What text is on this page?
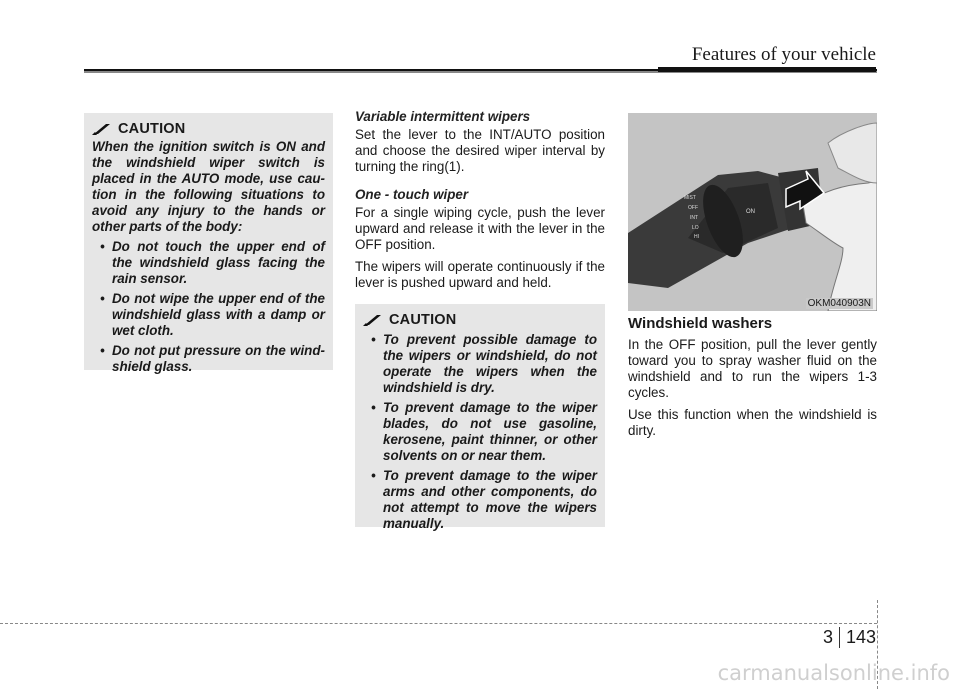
Features of your vehicle
CAUTION
When the ignition switch is ON and the windshield wiper switch is placed in the AUTO mode, use cau- tion in the following situations to avoid any injury to the hands or other parts of the body:
• Do not touch the upper end of the windshield glass facing the rain sensor.
• Do not wipe the upper end of the windshield glass with a damp or wet cloth.
• Do not put pressure on the wind- shield glass.

Variable intermittent wipers

Set the lever to the INT/AUTO position and choose the desired wiper interval by turning the ring(1).

One - touch wiper

For a single wiping cycle, push the lever upward and release it with the lever in the OFF position.

The wipers will operate continuously if the lever is pushed upward and held.

CAUTION
• To prevent possible damage to the wipers or windshield, do not operate the wipers when the windshield is dry.
• To prevent damage to the wiper blades, do not use gasoline, kerosene, paint thinner, or other solvents on or near them.
• To prevent damage to the wiper arms and other components, do not attempt to move the wipers manually.
MIST
OFF
INT
LO
HI
ON
OKM040903N

Windshield washers

In the OFF position, pull the lever gently toward you to spray washer fluid on the windshield and to run the wipers 1-3 cycles.

Use this function when the windshield is dirty.

3 143
carmanualsonline.info
